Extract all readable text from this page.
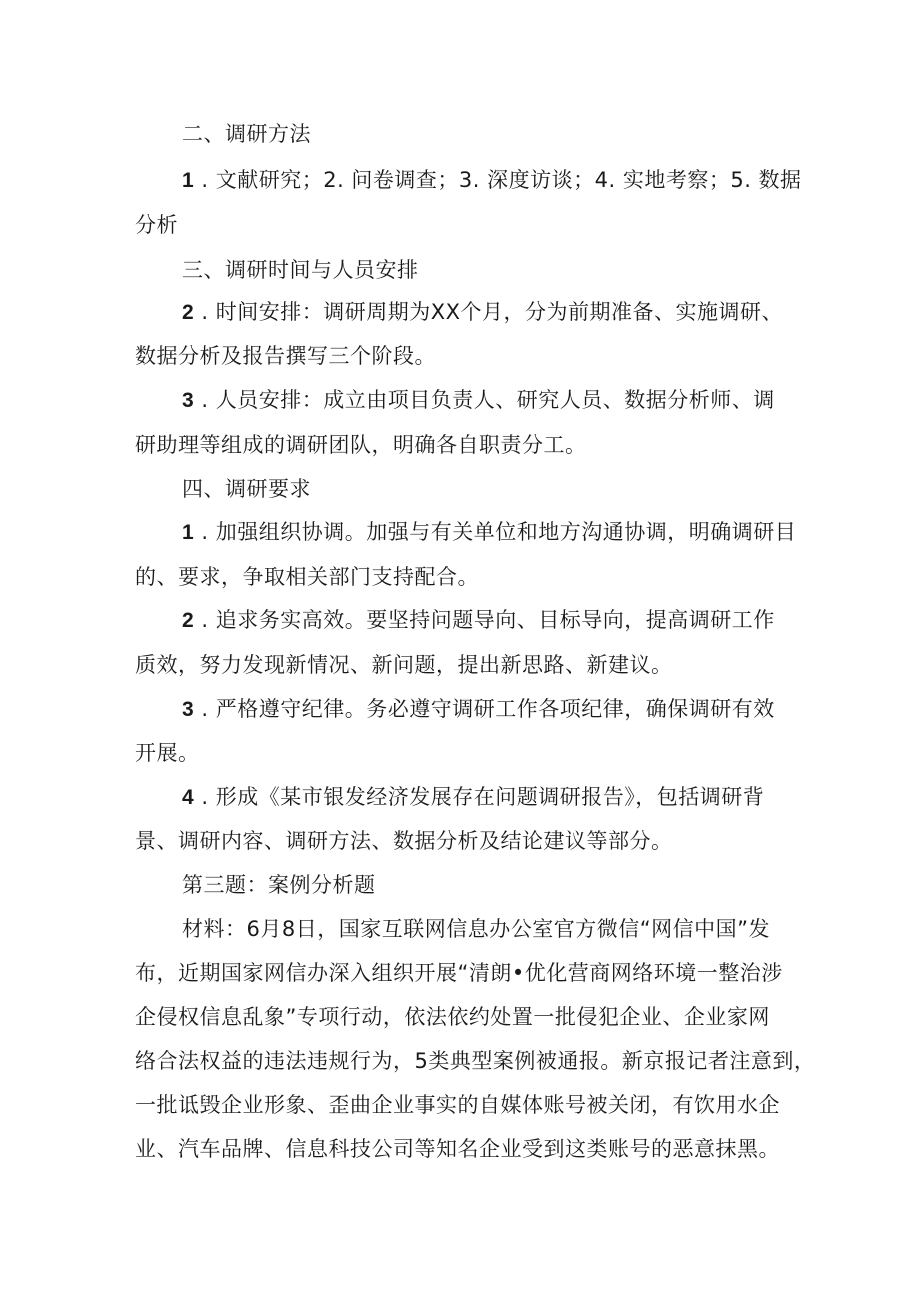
二、调研方法
1 . 文献研究；2. 问卷调查；3. 深度访谈；4. 实地考察；5. 数据
分析
三、调研时间与人员安排
2 . 时间安排：调研周期为XX个月，分为前期准备、实施调研、
数据分析及报告撰写三个阶段。
3 . 人员安排：成立由项目负责人、研究人员、数据分析师、调
研助理等组成的调研团队，明确各自职责分工。
四、调研要求
1 . 加强组织协调。加强与有关单位和地方沟通协调，明确调研目
的、要求，争取相关部门支持配合。
2 . 追求务实高效。要坚持问题导向、目标导向，提高调研工作
质效，努力发现新情况、新问题，提出新思路、新建议。
3 . 严格遵守纪律。务必遵守调研工作各项纪律，确保调研有效
开展。
4 . 形成《某市银发经济发展存在问题调研报告》，包括调研背
景、调研内容、调研方法、数据分析及结论建议等部分。
第三题：案例分析题
材料：6月8日，国家互联网信息办公室官方微信“网信中国”发
布，近期国家网信办深入组织开展“清朗•优化营商网络环境一整治涉
企侵权信息乱象”专项行动，依法依约处置一批侵犯企业、企业家网
络合法权益的违法违规行为，5类典型案例被通报。新京报记者注意到，
一批诋毁企业形象、歪曲企业事实的自媒体账号被关闭，有饮用水企
业、汽车品牌、信息科技公司等知名企业受到这类账号的恶意抹黑。
